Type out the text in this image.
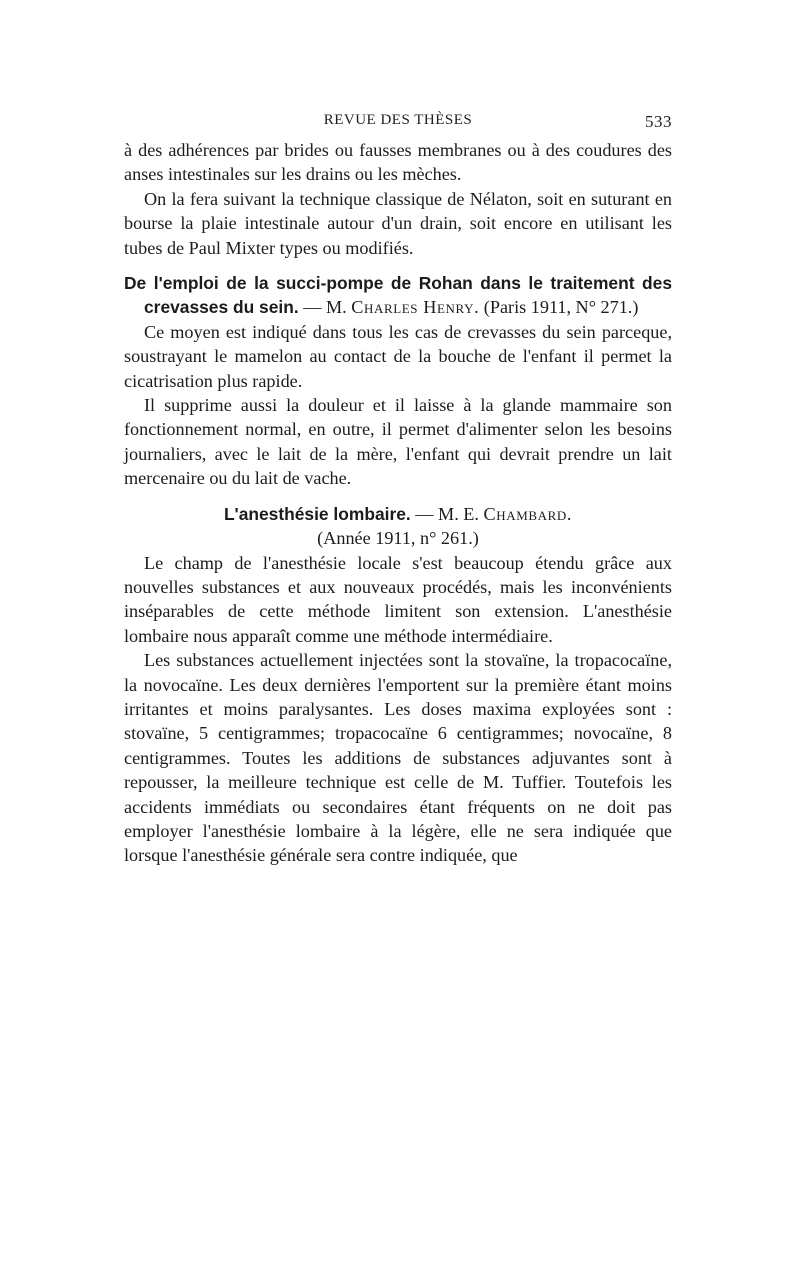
REVUE DES THÈSES	533

à des adhérences par brides ou fausses membranes ou à des coudures des anses intestinales sur les drains ou les mèches.

On la fera suivant la technique classique de Nélaton, soit en suturant en bourse la plaie intestinale autour d'un drain, soit encore en utilisant les tubes de Paul Mixter types ou modifiés.

De l'emploi de la succi-pompe de Rohan dans le traitement des crevasses du sein. — M. Charles Henry. (Paris 1911, N° 271.)

Ce moyen est indiqué dans tous les cas de crevasses du sein parceque, soustrayant le mamelon au contact de la bouche de l'enfant il permet la cicatrisation plus rapide.

Il supprime aussi la douleur et il laisse à la glande mammaire son fonctionnement normal, en outre, il permet d'alimenter selon les besoins journaliers, avec le lait de la mère, l'enfant qui devrait prendre un lait mercenaire ou du lait de vache.

L'anesthésie lombaire. — M. E. Chambard.
(Année 1911, n° 261.)

Le champ de l'anesthésie locale s'est beaucoup étendu grâce aux nouvelles substances et aux nouveaux procédés, mais les inconvénients inséparables de cette méthode limitent son extension. L'anesthésie lombaire nous apparaît comme une méthode intermédiaire.

Les substances actuellement injectées sont la stovaïne, la tropacocaïne, la novocaïne. Les deux dernières l'emportent sur la première étant moins irritantes et moins paralysantes. Les doses maxima exployées sont : stovaïne, 5 centigrammes; tropacocaïne 6 centigrammes; novocaïne, 8 centigrammes. Toutes les additions de substances adjuvantes sont à repousser, la meilleure technique est celle de M. Tuffier. Toutefois les accidents immédiats ou secondaires étant fréquents on ne doit pas employer l'anesthésie lombaire à la légère, elle ne sera indiquée que lorsque l'anesthésie générale sera contre indiquée, que
